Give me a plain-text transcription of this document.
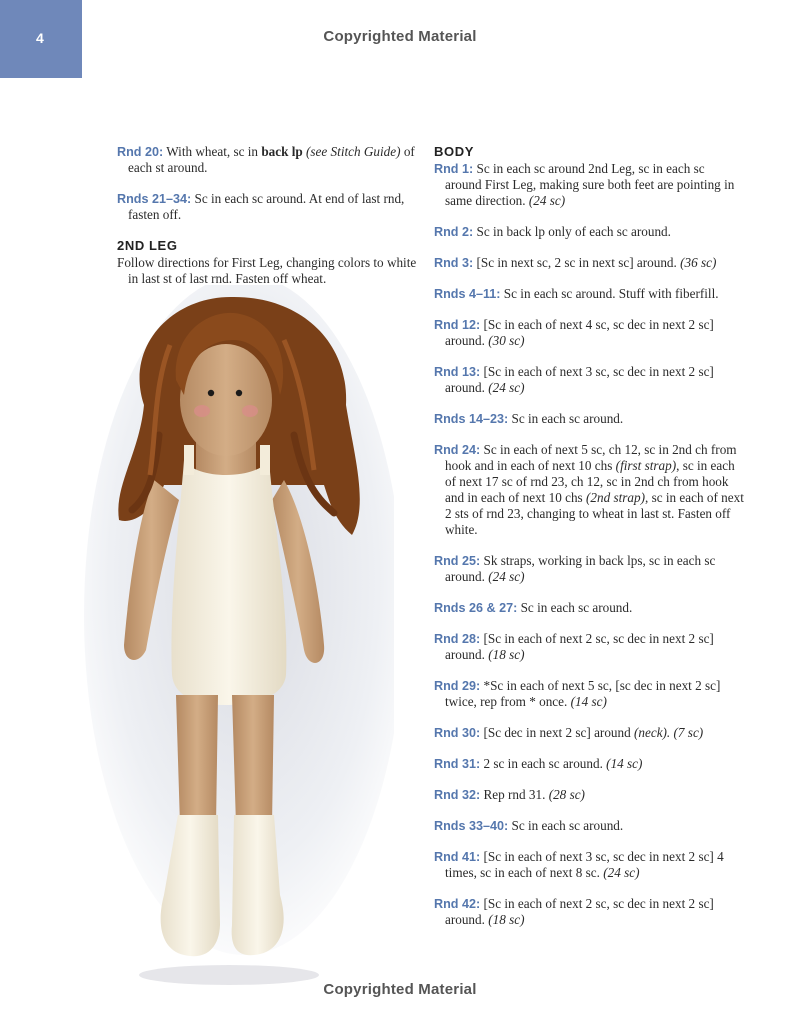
4	Copyrighted Material

Rnd 20: With wheat, sc in back lp (see Stitch Guide) of each st around.

Rnds 21–34: Sc in each sc around. At end of last rnd, fasten off.

2ND LEG

Follow directions for First Leg, changing colors to white in last st of last rnd. Fasten off wheat.

BODY

Rnd 1: Sc in each sc around 2nd Leg, sc in each sc around First Leg, making sure both feet are pointing in same direction. (24 sc)

Rnd 2: Sc in back lp only of each sc around.

Rnd 3: [Sc in next sc, 2 sc in next sc] around. (36 sc)

Rnds 4–11: Sc in each sc around. Stuff with fiberfill.

Rnd 12: [Sc in each of next 4 sc, sc dec in next 2 sc] around. (30 sc)

Rnd 13: [Sc in each of next 3 sc, sc dec in next 2 sc] around. (24 sc)

Rnds 14–23: Sc in each sc around.

Rnd 24: Sc in each of next 5 sc, ch 12, sc in 2nd ch from hook and in each of next 10 chs (first strap), sc in each of next 17 sc of rnd 23, ch 12, sc in 2nd ch from hook and in each of next 10 chs (2nd strap), sc in each of next 2 sts of rnd 23, changing to wheat in last st. Fasten off white.

Rnd 25: Sk straps, working in back lps, sc in each sc around. (24 sc)

Rnds 26 & 27: Sc in each sc around.

Rnd 28: [Sc in each of next 2 sc, sc dec in next 2 sc] around. (18 sc)

Rnd 29: *Sc in each of next 5 sc, [sc dec in next 2 sc] twice, rep from * once. (14 sc)

Rnd 30: [Sc dec in next 2 sc] around (neck). (7 sc)

Rnd 31: 2 sc in each sc around. (14 sc)

Rnd 32: Rep rnd 31. (28 sc)

Rnds 33–40: Sc in each sc around.

Rnd 41: [Sc in each of next 3 sc, sc dec in next 2 sc] 4 times, sc in each of next 8 sc. (24 sc)

Rnd 42: [Sc in each of next 2 sc, sc dec in next 2 sc] around. (18 sc)

Copyrighted Material
